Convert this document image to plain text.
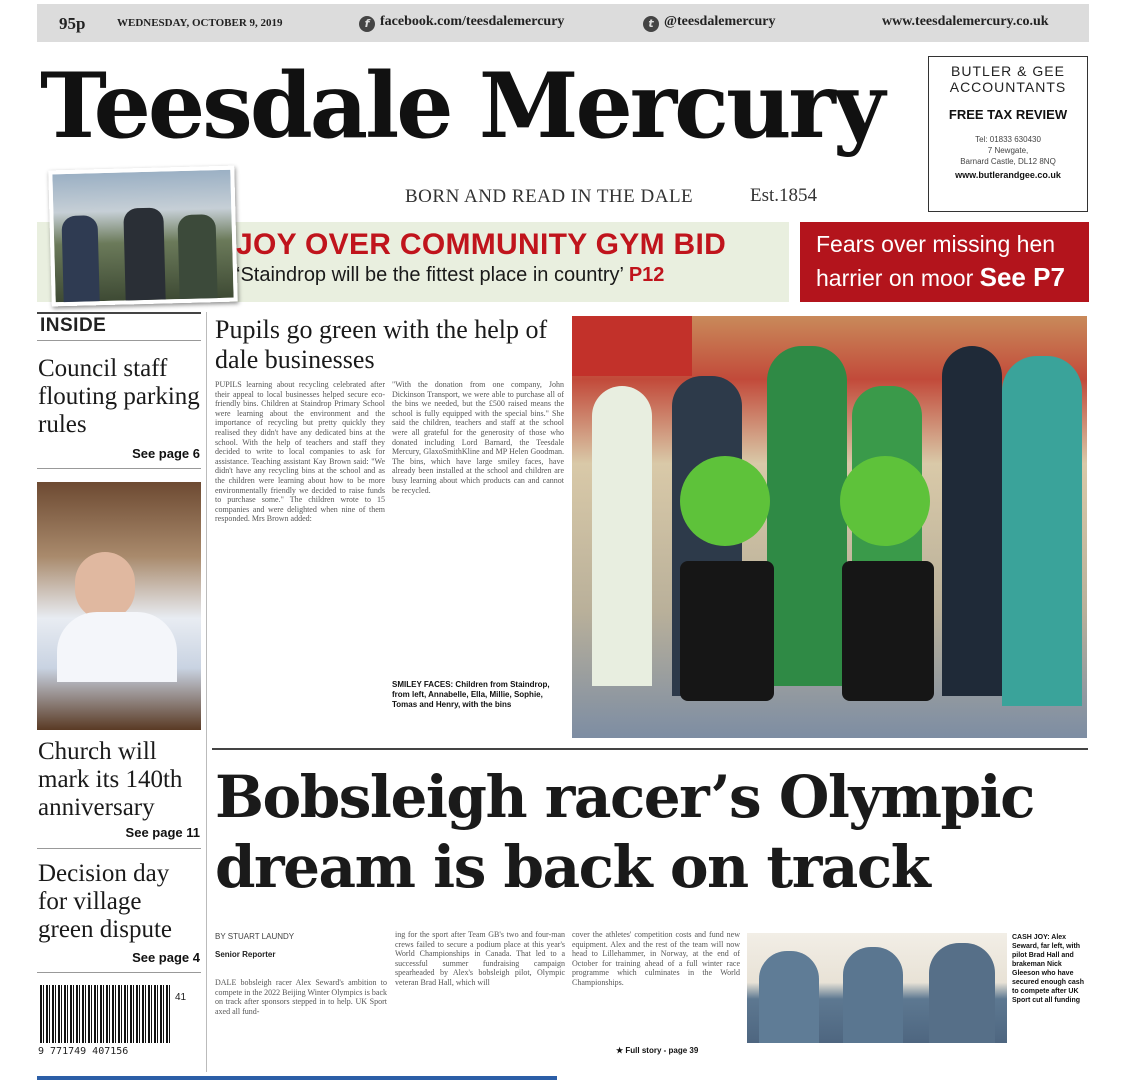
95p	WEDNESDAY, OCTOBER 9, 2019	f facebook.com/teesdalemercury	t @teesdalemercury	www.teesdalemercury.co.uk
Teesdale Mercury
BORN AND READ IN THE DALE	Est.1854
BUTLER & GEE
ACCOUNTANTS
FREE TAX REVIEW
Tel: 01833 630430
7 Newgate,
Barnard Castle, DL12 8NQ
www.butlerandgee.co.uk
JOY OVER COMMUNITY GYM BID
‘Staindrop will be the fittest place in country’ P12
Fears over missing hen
harrier on moor See P7
INSIDE
Council staff flouting parking rules
See page 6
Church will mark its 140th anniversary
See page 11
Decision day for village green dispute
See page 4
9 771749 407156
41
Pupils go green with the help of dale businesses
PUPILS learning about recycling celebrated after their appeal to local businesses helped secure eco-friendly bins. Children at Staindrop Primary School were learning about the environment and the importance of recycling but pretty quickly they realised they didn't have any dedicated bins at the school. With the help of teachers and staff they decided to write to local companies to ask for assistance. Teaching assistant Kay Brown said: "We didn't have any recycling bins at the school and as the children were learning about how to be more environmentally friendly we decided to raise funds to purchase some." The children wrote to 15 companies and were delighted when nine of them responded. Mrs Brown added:
"With the donation from one company, John Dickinson Transport, we were able to purchase all of the bins we needed, but the £500 raised means the school is fully equipped with the special bins." She said the children, teachers and staff at the school were all grateful for the generosity of those who donated including Lord Barnard, the Teesdale Mercury, GlaxoSmithKline and MP Helen Goodman. The bins, which have large smiley faces, have already been installed at the school and children are busy learning about which products can and cannot be recycled.
SMILEY FACES: Children from Staindrop, from left, Annabelle, Ella, Millie, Sophie, Tomas and Henry, with the bins
Bobsleigh racer’s Olympic dream is back on track
BY STUART LAUNDY
Senior Reporter
DALE bobsleigh racer Alex Seward's ambition to compete in the 2022 Beijing Winter Olympics is back on track after sponsors stepped in to help. UK Sport axed all fund-
ing for the sport after Team GB's two and four-man crews failed to secure a podium place at this year's World Championships in Canada. That led to a successful summer fundraising campaign spearheaded by Alex's bobsleigh pilot, Olympic veteran Brad Hall, which will
cover the athletes' competition costs and fund new equipment. Alex and the rest of the team will now head to Lillehammer, in Norway, at the end of October for training ahead of a full winter race programme which culminates in the World Championships.
★ Full story - page 39
CASH JOY: Alex Seward, far left, with pilot Brad Hall and brakeman Nick Gleeson who have secured enough cash to compete after UK Sport cut all funding
